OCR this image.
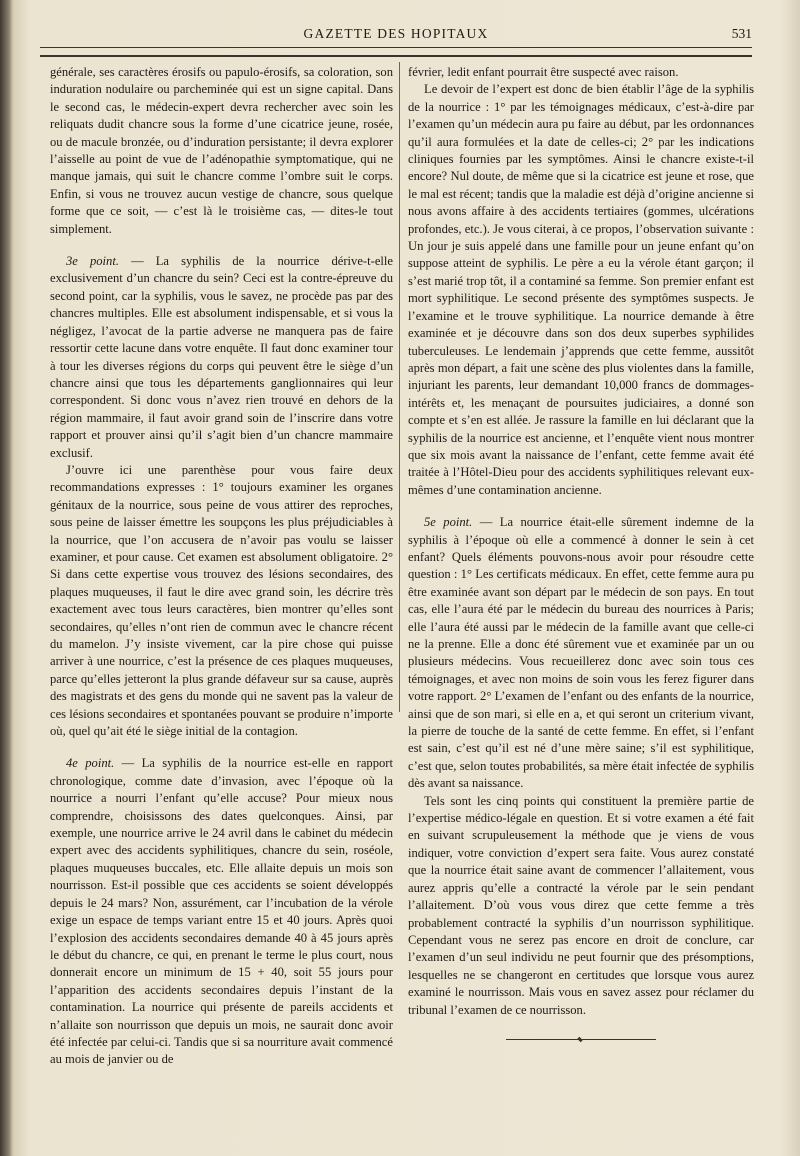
GAZETTE DES HOPITAUX	531

générale, ses caractères érosifs ou papulo-érosifs, sa coloration, son induration nodulaire ou parcheminée qui est un signe capital. Dans le second cas, le médecin-expert devra rechercher avec soin les reliquats dudit chancre sous la forme d’une cicatrice jeune, rosée, ou de macule bronzée, ou d’induration persistante; il devra explorer l’aisselle au point de vue de l’adénopathie symptomatique, qui ne manque jamais, qui suit le chancre comme l’ombre suit le corps. Enfin, si vous ne trouvez aucun vestige de chancre, sous quelque forme que ce soit, — c’est là le troisième cas, — dites-le tout simplement.

3e point. — La syphilis de la nourrice dérive-t-elle exclusivement d’un chancre du sein? Ceci est la contre-épreuve du second point, car la syphilis, vous le savez, ne procède pas par des chancres multiples. Elle est absolument indispensable, et si vous la négligez, l’avocat de la partie adverse ne manquera pas de faire ressortir cette lacune dans votre enquête. Il faut donc examiner tour à tour les diverses régions du corps qui peuvent être le siège d’un chancre ainsi que tous les départements ganglionnaires qui leur correspondent. Si donc vous n’avez rien trouvé en dehors de la région mammaire, il faut avoir grand soin de l’inscrire dans votre rapport et prouver ainsi qu’il s’agit bien d’un chancre mammaire exclusif.

J’ouvre ici une parenthèse pour vous faire deux recommandations expresses : 1° toujours examiner les organes génitaux de la nourrice, sous peine de vous attirer des reproches, sous peine de laisser émettre les soupçons les plus préjudiciables à la nourrice, que l’on accusera de n’avoir pas voulu se laisser examiner, et pour cause. Cet examen est absolument obligatoire. 2° Si dans cette expertise vous trouvez des lésions secondaires, des plaques muqueuses, il faut le dire avec grand soin, les décrire très exactement avec tous leurs caractères, bien montrer qu’elles sont secondaires, qu’elles n’ont rien de commun avec le chancre récent du mamelon. J’y insiste vivement, car la pire chose qui puisse arriver à une nourrice, c’est la présence de ces plaques muqueuses, parce qu’elles jetteront la plus grande défaveur sur sa cause, auprès des magistrats et des gens du monde qui ne savent pas la valeur de ces lésions secondaires et spontanées pouvant se produire n’importe où, quel qu’ait été le siège initial de la contagion.

4e point. — La syphilis de la nourrice est-elle en rapport chronologique, comme date d’invasion, avec l’époque où la nourrice a nourri l’enfant qu’elle accuse? Pour mieux nous comprendre, choisissons des dates quelconques. Ainsi, par exemple, une nourrice arrive le 24 avril dans le cabinet du médecin expert avec des accidents syphilitiques, chancre du sein, roséole, plaques muqueuses buccales, etc. Elle allaite depuis un mois son nourrisson. Est-il possible que ces accidents se soient développés depuis le 24 mars? Non, assurément, car l’incubation de la vérole exige un espace de temps variant entre 15 et 40 jours. Après quoi l’explosion des accidents secondaires demande 40 à 45 jours après le début du chancre, ce qui, en prenant le terme le plus court, nous donnerait encore un minimum de 15 + 40, soit 55 jours pour l’apparition des accidents secondaires depuis l’instant de la contamination. La nourrice qui présente de pareils accidents et n’allaite son nourrisson que depuis un mois, ne saurait donc avoir été infectée par celui-ci. Tandis que si sa nourriture avait commencé au mois de janvier ou de

février, ledit enfant pourrait être suspecté avec raison.

Le devoir de l’expert est donc de bien établir l’âge de la syphilis de la nourrice : 1° par les témoignages médicaux, c’est-à-dire par l’examen qu’un médecin aura pu faire au début, par les ordonnances qu’il aura formulées et la date de celles-ci; 2° par les indications cliniques fournies par les symptômes. Ainsi le chancre existe-t-il encore? Nul doute, de même que si la cicatrice est jeune et rose, que le mal est récent; tandis que la maladie est déjà d’origine ancienne si nous avons affaire à des accidents tertiaires (gommes, ulcérations profondes, etc.). Je vous citerai, à ce propos, l’observation suivante : Un jour je suis appelé dans une famille pour un jeune enfant qu’on suppose atteint de syphilis. Le père a eu la vérole étant garçon; il s’est marié trop tôt, il a contaminé sa femme. Son premier enfant est mort syphilitique. Le second présente des symptômes suspects. Je l’examine et le trouve syphilitique. La nourrice demande à être examinée et je découvre dans son dos deux superbes syphilides tuberculeuses. Le lendemain j’apprends que cette femme, aussitôt après mon départ, a fait une scène des plus violentes dans la famille, injuriant les parents, leur demandant 10,000 francs de dommages-intérêts et, les menaçant de poursuites judiciaires, a donné son compte et s’en est allée. Je rassure la famille en lui déclarant que la syphilis de la nourrice est ancienne, et l’enquête vient nous montrer que six mois avant la naissance de l’enfant, cette femme avait été traitée à l’Hôtel-Dieu pour des accidents syphilitiques relevant eux-mêmes d’une contamination ancienne.

5e point. — La nourrice était-elle sûrement indemne de la syphilis à l’époque où elle a commencé à donner le sein à cet enfant? Quels éléments pouvons-nous avoir pour résoudre cette question : 1° Les certificats médicaux. En effet, cette femme aura pu être examinée avant son départ par le médecin de son pays. En tout cas, elle l’aura été par le médecin du bureau des nourrices à Paris; elle l’aura été aussi par le médecin de la famille avant que celle-ci ne la prenne. Elle a donc été sûrement vue et examinée par un ou plusieurs médecins. Vous recueillerez donc avec soin tous ces témoignages, et avec non moins de soin vous les ferez figurer dans votre rapport. 2° L’examen de l’enfant ou des enfants de la nourrice, ainsi que de son mari, si elle en a, et qui seront un criterium vivant, la pierre de touche de la santé de cette femme. En effet, si l’enfant est sain, c’est qu’il est né d’une mère saine; s’il est syphilitique, c’est que, selon toutes probabilités, sa mère était infectée de syphilis dès avant sa naissance.

Tels sont les cinq points qui constituent la première partie de l’expertise médico-légale en question. Et si votre examen a été fait en suivant scrupuleusement la méthode que je viens de vous indiquer, votre conviction d’expert sera faite. Vous aurez constaté que la nourrice était saine avant de commencer l’allaitement, vous aurez appris qu’elle a contracté la vérole par le sein pendant l’allaitement. D’où vous vous direz que cette femme a très probablement contracté la syphilis d’un nourrisson syphilitique. Cependant vous ne serez pas encore en droit de conclure, car l’examen d’un seul individu ne peut fournir que des présomptions, lesquelles ne se changeront en certitudes que lorsque vous aurez examiné le nourrisson. Mais vous en savez assez pour réclamer du tribunal l’examen de ce nourrisson.
